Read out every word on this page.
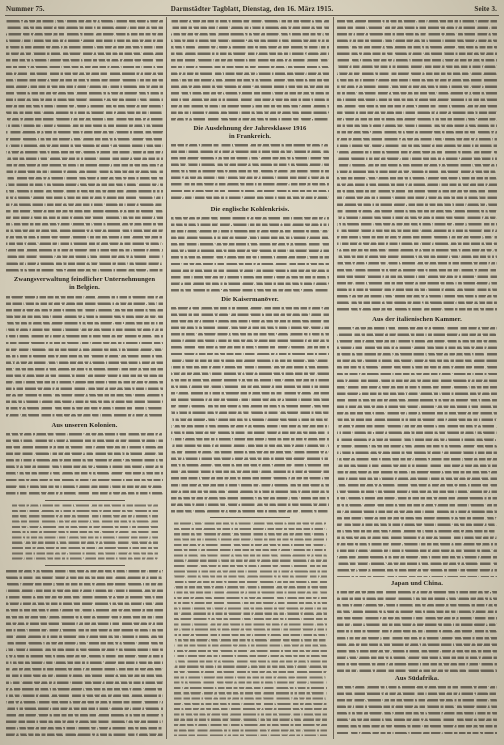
Nummer 75.	Darmstädter Tagblatt, Dienstag, den 16. März 1915.	Seite 3.
Zwangsverwaltung feindlicher Unternehmungen
in Belgien.
Aus unseren Kolonien.
Die Ausdehnung der Jahresklasse 1916
in Frankreich.
Die englische Kohlenkrisis.
Die Kaisermanöver.
Aus der italienischen Kammer.
Japan und China.
Aus Südafrika.
